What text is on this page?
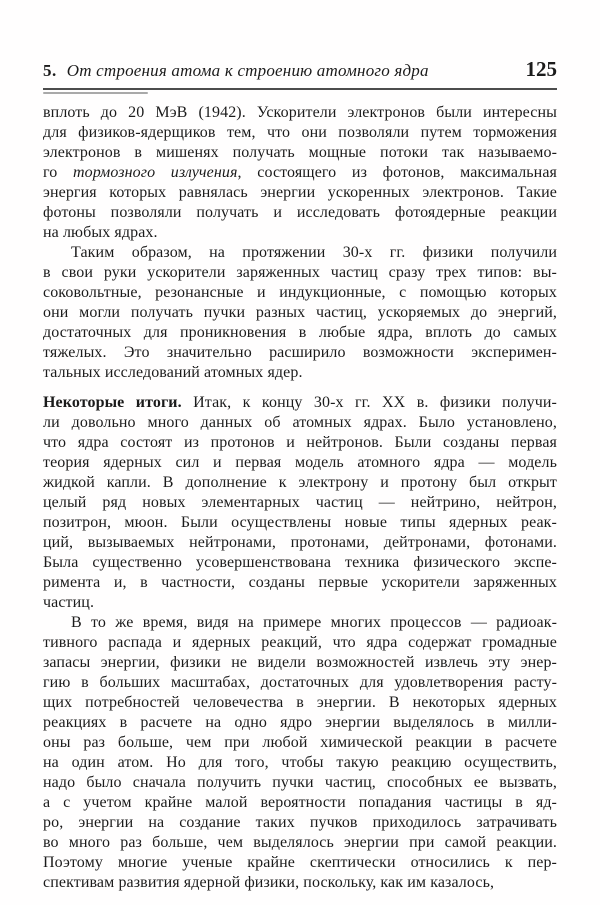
5. От строения атома к строению атомного ядра	125
вплоть до 20 МэВ (1942). Ускорители электронов были интересны
для физиков-ядерщиков тем, что они позволяли путем торможения
электронов в мишенях получать мощные потоки так называемо-
го тормозного излучения, состоящего из фотонов, максимальная
энергия которых равнялась энергии ускоренных электронов. Такие
фотоны позволяли получать и исследовать фотоядерные реакции
на любых ядрах.
Таким образом, на протяжении 30-х гг. физики получили
в свои руки ускорители заряженных частиц сразу трех типов: вы-
соковольтные, резонансные и индукционные, с помощью которых
они могли получать пучки разных частиц, ускоряемых до энергий,
достаточных для проникновения в любые ядра, вплоть до самых
тяжелых. Это значительно расширило возможности эксперимен-
тальных исследований атомных ядер.
Некоторые итоги. Итак, к концу 30-х гг. XX в. физики получи-
ли довольно много данных об атомных ядрах. Было установлено,
что ядра состоят из протонов и нейтронов. Были созданы первая
теория ядерных сил и первая модель атомного ядра — модель
жидкой капли. В дополнение к электрону и протону был открыт
целый ряд новых элементарных частиц — нейтрино, нейтрон,
позитрон, мюон. Были осуществлены новые типы ядерных реак-
ций, вызываемых нейтронами, протонами, дейтронами, фотонами.
Была существенно усовершенствована техника физического экспе-
римента и, в частности, созданы первые ускорители заряженных
частиц.
В то же время, видя на примере многих процессов — радиоак-
тивного распада и ядерных реакций, что ядра содержат громадные
запасы энергии, физики не видели возможностей извлечь эту энер-
гию в больших масштабах, достаточных для удовлетворения расту-
щих потребностей человечества в энергии. В некоторых ядерных
реакциях в расчете на одно ядро энергии выделялось в милли-
оны раз больше, чем при любой химической реакции в расчете
на один атом. Но для того, чтобы такую реакцию осуществить,
надо было сначала получить пучки частиц, способных ее вызвать,
а с учетом крайне малой вероятности попадания частицы в яд-
ро, энергии на создание таких пучков приходилось затрачивать
во много раз больше, чем выделялось энергии при самой реакции.
Поэтому многие ученые крайне скептически относились к пер-
спективам развития ядерной физики, поскольку, как им казалось,
